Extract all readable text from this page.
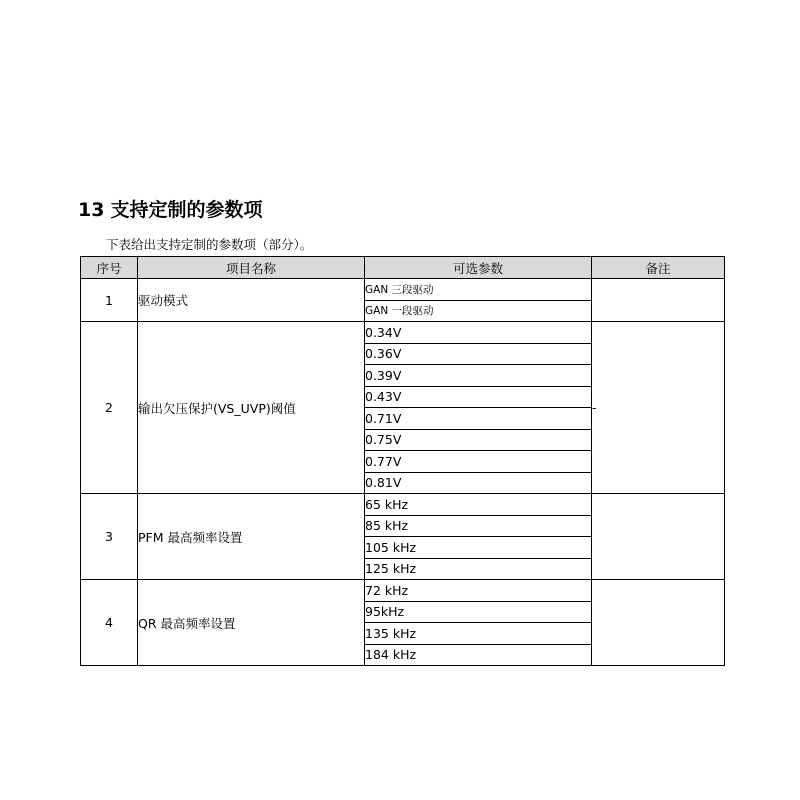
13 支持定制的参数项

下表给出支持定制的参数项（部分）。

序号	项目名称	可选参数	备注
1	驱动模式	GAN 三段驱动	
		GAN 一段驱动	
2	输出欠压保护(VS_UVP)阈值	0.34V	-
		0.36V	
		0.39V	
		0.43V	
		0.71V	
		0.75V	
		0.77V	
		0.81V	
3	PFM 最高频率设置	65 kHz	
		85 kHz	
		105 kHz	
		125 kHz	
4	QR 最高频率设置	72 kHz	
		95kHz	
		135 kHz	
		184 kHz	
